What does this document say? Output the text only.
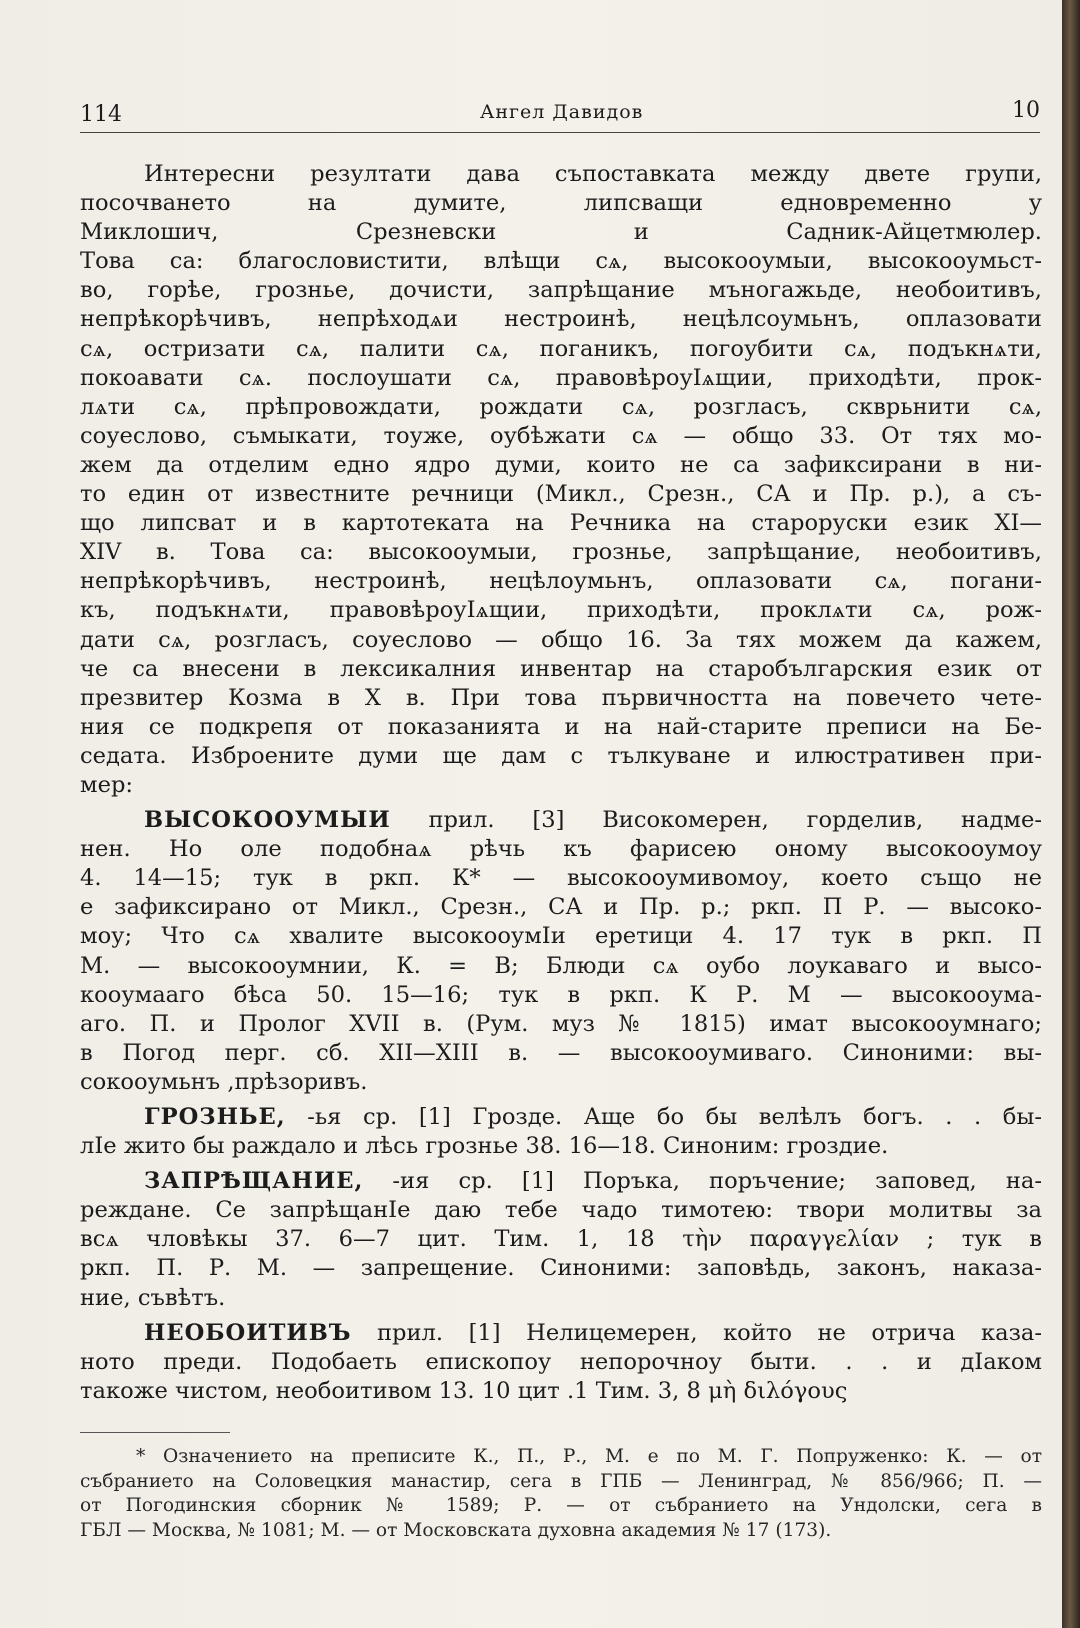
114	Ангел Давидов	10
Интересни резултати дава съпоставката между двете групи,
посочването на думите, липсващи едновременно у
Миклошич, Срезневски и Садник-Айцетмюлер.
Това са: благословистити, влѣщи сѧ, высокооумыи, высокооумьст-
во, горѣе, грозньe, дочисти, запрѣщание мъногажьде, необоитивъ,
непрѣкорѣчивъ, непрѣходѧи нестроинѣ, нецѣлсоумьнъ, оплазовати
сѧ, остризати сѧ, палити сѧ, поганикъ, погоубити сѧ, подъкнѧти,
покоавати сѧ. послоушати сѧ, правовѣроуIѧщии, приходѣти, прок-
лѧти сѧ, прѣпровождати, рождати сѧ, розгласъ, скврьнити сѧ,
соуесловo, съмыкати, тоуже, оубѣжати сѧ — общо 33. От тях мо-
жем да отделим едно ядро думи, които не са зафиксирани в ни-
то един от известните речници (Микл., Срезн., СА и Пр. р.), а съ-
що липсват и в картотеката на Речника на староруски език XI—
XIV в. Това са: высокооумыи, грозньe, запрѣщание, необоитивъ,
непрѣкорѣчивъ, нестроинѣ, нецѣлоумьнъ, оплазовати сѧ, погани-
къ, подъкнѧти, правовѣроуIѧщии, приходѣти, проклѧти сѧ, рож-
дати сѧ, розгласъ, соуесловo — общо 16. За тях можем да кажем,
че са внесени в лексикалния инвентар на старобългарския език от
презвитер Козма в X в. При това първичността на повечето четe-
ния се подкрепя от показанията и на най-старите преписи на Бе-
седата. Изброените думи ще дам с тълкуване и илюстративен при-
мер:
ВЫСОКООУМЫИ прил. [3] Високомерен, горделив, надме-
нен. Но оле подобнаѧ рѣчь къ фарисею оному высокооумоу
4. 14—15; тук в ркп. К* — высокооумивомоу, което също не
е зафиксирано от Микл., Срезн., СА и Пр. р.; ркп. П Р. — высоко-
моу; Что сѧ хвалите высокооумIи еретици 4. 17 тук в ркп. П
М. — высокооумнии, К. = В; Блюди сѧ оубо лоукаваго и высо-
кооумаaго бѣса 50. 15—16; тук в ркп. К Р. М — высокооума-
аго. П. и Пролог XVII в. (Рум. муз № 1815) имат высокооумнаго;
в Погод перг. сб. XII—XIII в. — высокооумиваго. Синоними: вы-
сокооумьнъ ,прѣзоривъ.
ГРОЗНЬЕ, -ья ср. [1] Грозде. Аще бо бы велѣлъ богъ. . . бы-
лIе жито бы раждало и лѣсь грозньe 38. 16—18. Синоним: гроздие.
ЗАПРѢЩАНИЕ, -ия ср. [1] Поръка, поръчение; заповед, на-
реждане. Се запрѣщанIе даю тебе чадо тимотею: твори молитвы за
всѧ чловѣкы 37. 6—7 цит. Тим. 1, 18 τὴν παραγγελίαν ; тук в
ркп. П. Р. М. — запрещение. Синоними: заповѣдь, законъ, наказа-
ние, съвѣтъ.
НЕОБОИТИВЪ прил. [1] Нелицемерен, който не отрича каза-
ното преди. Подобаеть епископоу непорочноу быти. . . и дIаком
такоже чистом, необоитивом 13. 10 цит .1 Тим. 3, 8 μὴ διλόγους
* Означението на преписите К., П., Р., М. е по М. Г. Попруженко: К. — от
събранието на Соловецкия манастир, сега в ГПБ — Ленинград, № 856/966; П. —
от Погодинския сборник № 1589; Р. — от събранието на Ундолски, сега в
ГБЛ — Москва, № 1081; М. — от Московската духовна академия № 17 (173).
